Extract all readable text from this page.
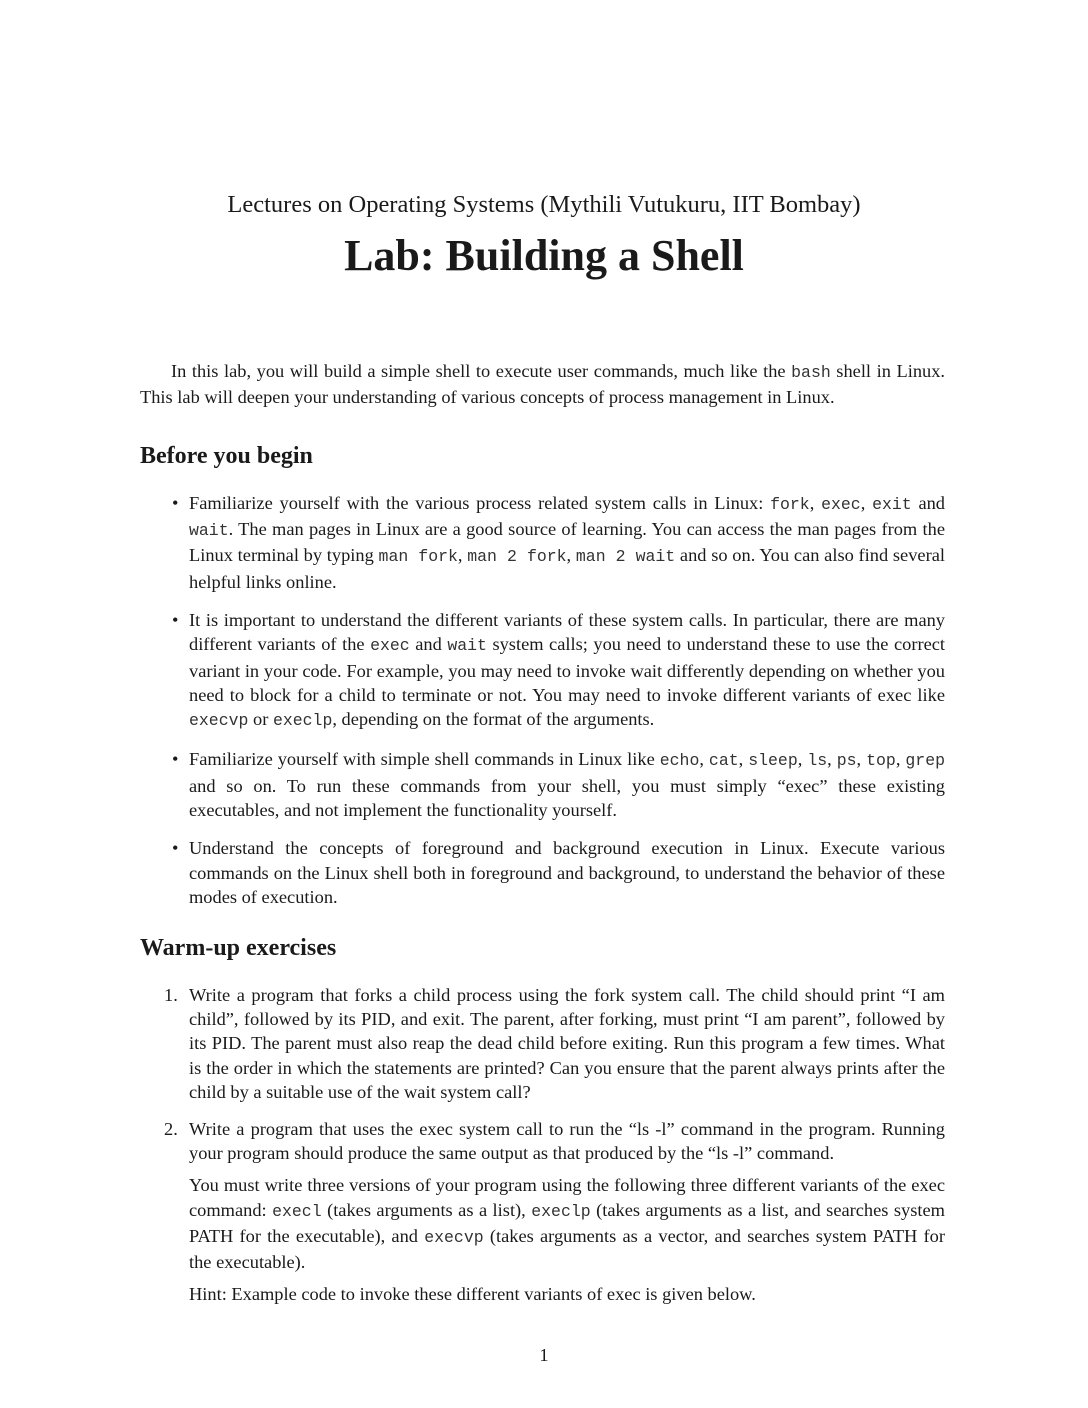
Lectures on Operating Systems (Mythili Vutukuru, IIT Bombay)
Lab: Building a Shell

In this lab, you will build a simple shell to execute user commands, much like the bash shell in Linux. This lab will deepen your understanding of various concepts of process management in Linux.

Before you begin
• Familiarize yourself with the various process related system calls in Linux: fork, exec, exit and wait. The man pages in Linux are a good source of learning. You can access the man pages from the Linux terminal by typing man fork, man 2 fork, man 2 wait and so on. You can also find several helpful links online.
• It is important to understand the different variants of these system calls. In particular, there are many different variants of the exec and wait system calls; you need to understand these to use the correct variant in your code. For example, you may need to invoke wait differently depending on whether you need to block for a child to terminate or not. You may need to invoke different variants of exec like execvp or execlp, depending on the format of the arguments.
• Familiarize yourself with simple shell commands in Linux like echo, cat, sleep, ls, ps, top, grep and so on. To run these commands from your shell, you must simply “exec” these existing executables, and not implement the functionality yourself.
• Understand the concepts of foreground and background execution in Linux. Execute various commands on the Linux shell both in foreground and background, to understand the behavior of these modes of execution.
Warm-up exercises
1. Write a program that forks a child process using the fork system call. The child should print “I am child”, followed by its PID, and exit. The parent, after forking, must print “I am parent”, followed by its PID. The parent must also reap the dead child before exiting. Run this program a few times. What is the order in which the statements are printed? Can you ensure that the parent always prints after the child by a suitable use of the wait system call?
2. Write a program that uses the exec system call to run the “ls -l” command in the program. Running your program should produce the same output as that produced by the “ls -l” command.
You must write three versions of your program using the following three different variants of the exec command: execl (takes arguments as a list), execlp (takes arguments as a list, and searches system PATH for the executable), and execvp (takes arguments as a vector, and searches system PATH for the executable).
Hint: Example code to invoke these different variants of exec is given below.
1
